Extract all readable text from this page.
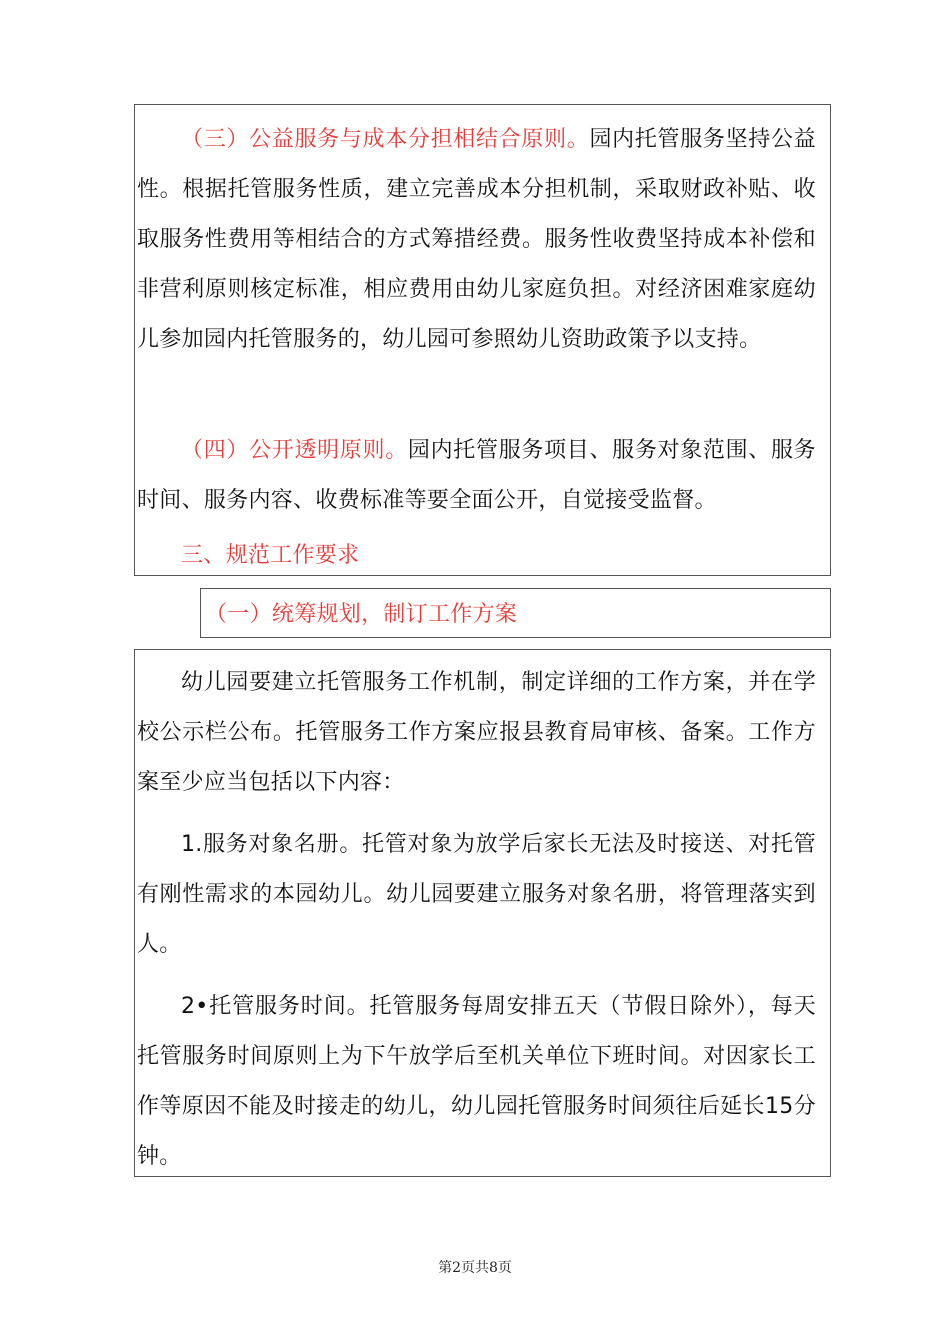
（三）公益服务与成本分担相结合原则。园内托管服务坚持公益性。根据托管服务性质，建立完善成本分担机制，采取财政补贴、收取服务性费用等相结合的方式筹措经费。服务性收费坚持成本补偿和非营利原则核定标准，相应费用由幼儿家庭负担。对经济困难家庭幼儿参加园内托管服务的，幼儿园可参照幼儿资助政策予以支持。

（四）公开透明原则。园内托管服务项目、服务对象范围、服务时间、服务内容、收费标准等要全面公开，自觉接受监督。

三、规范工作要求

（一）统筹规划，制订工作方案

幼儿园要建立托管服务工作机制，制定详细的工作方案，并在学校公示栏公布。托管服务工作方案应报县教育局审核、备案。工作方案至少应当包括以下内容：

1.服务对象名册。托管对象为放学后家长无法及时接送、对托管有刚性需求的本园幼儿。幼儿园要建立服务对象名册，将管理落实到人。

2•托管服务时间。托管服务每周安排五天（节假日除外），每天托管服务时间原则上为下午放学后至机关单位下班时间。对因家长工作等原因不能及时接走的幼儿，幼儿园托管服务时间须往后延长15分钟。

第2页共8页
